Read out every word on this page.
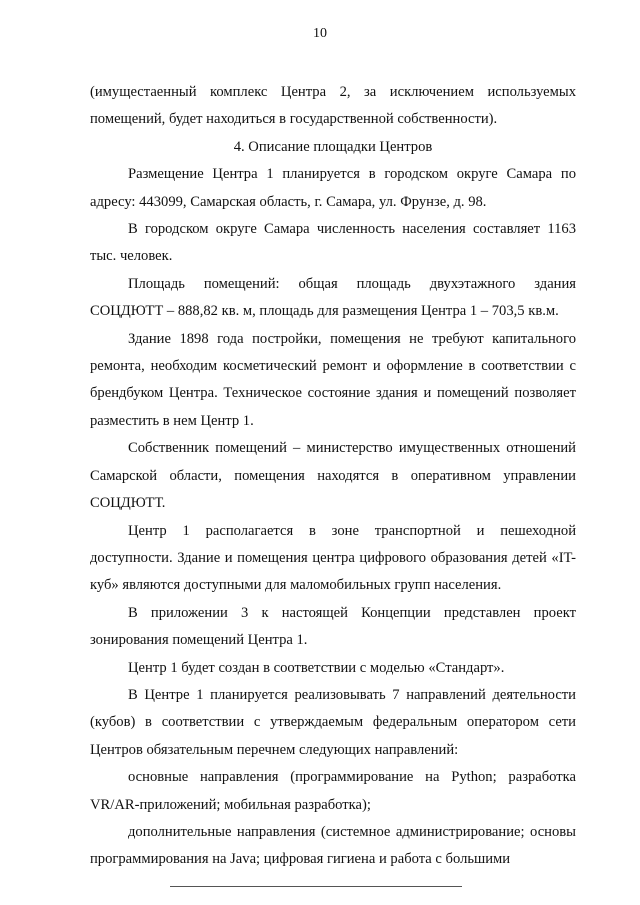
10

(имущестаенный комплекс Центра 2, за исключением используемых помещений, будет находиться в государственной собственности).

4. Описание площадки Центров

Размещение Центра 1 планируется в городском округе Самара по адресу: 443099, Самарская область, г. Самара, ул. Фрунзе, д. 98.

В городском округе Самара численность населения составляет 1163 тыс. человек.

Площадь помещений: общая площадь двухэтажного здания СОЦДЮТТ – 888,82 кв. м, площадь для размещения Центра 1 – 703,5 кв.м.

Здание 1898 года постройки, помещения не требуют капитального ремонта, необходим косметический ремонт и оформление в соответствии с брендбуком Центра. Техническое состояние здания и помещений позволяет разместить в нем Центр 1.

Собственник помещений – министерство имущественных отношений Самарской области, помещения находятся в оперативном управлении СОЦДЮТТ.

Центр 1 располагается в зоне транспортной и пешеходной доступности. Здание и помещения центра цифрового образования детей «IT-куб» являются доступными для маломобильных групп населения.

В приложении 3 к настоящей Концепции представлен проект зонирования помещений Центра 1.

Центр 1 будет создан в соответствии с моделью «Стандарт».

В Центре 1 планируется реализовывать 7 направлений деятельности (кубов) в соответствии с утверждаемым федеральным оператором сети Центров обязательным перечнем следующих направлений:

основные направления (программирование на Python; разработка VR/AR-приложений; мобильная разработка);

дополнительные направления (системное администрирование; основы программирования на Java; цифровая гигиена и работа с большими
